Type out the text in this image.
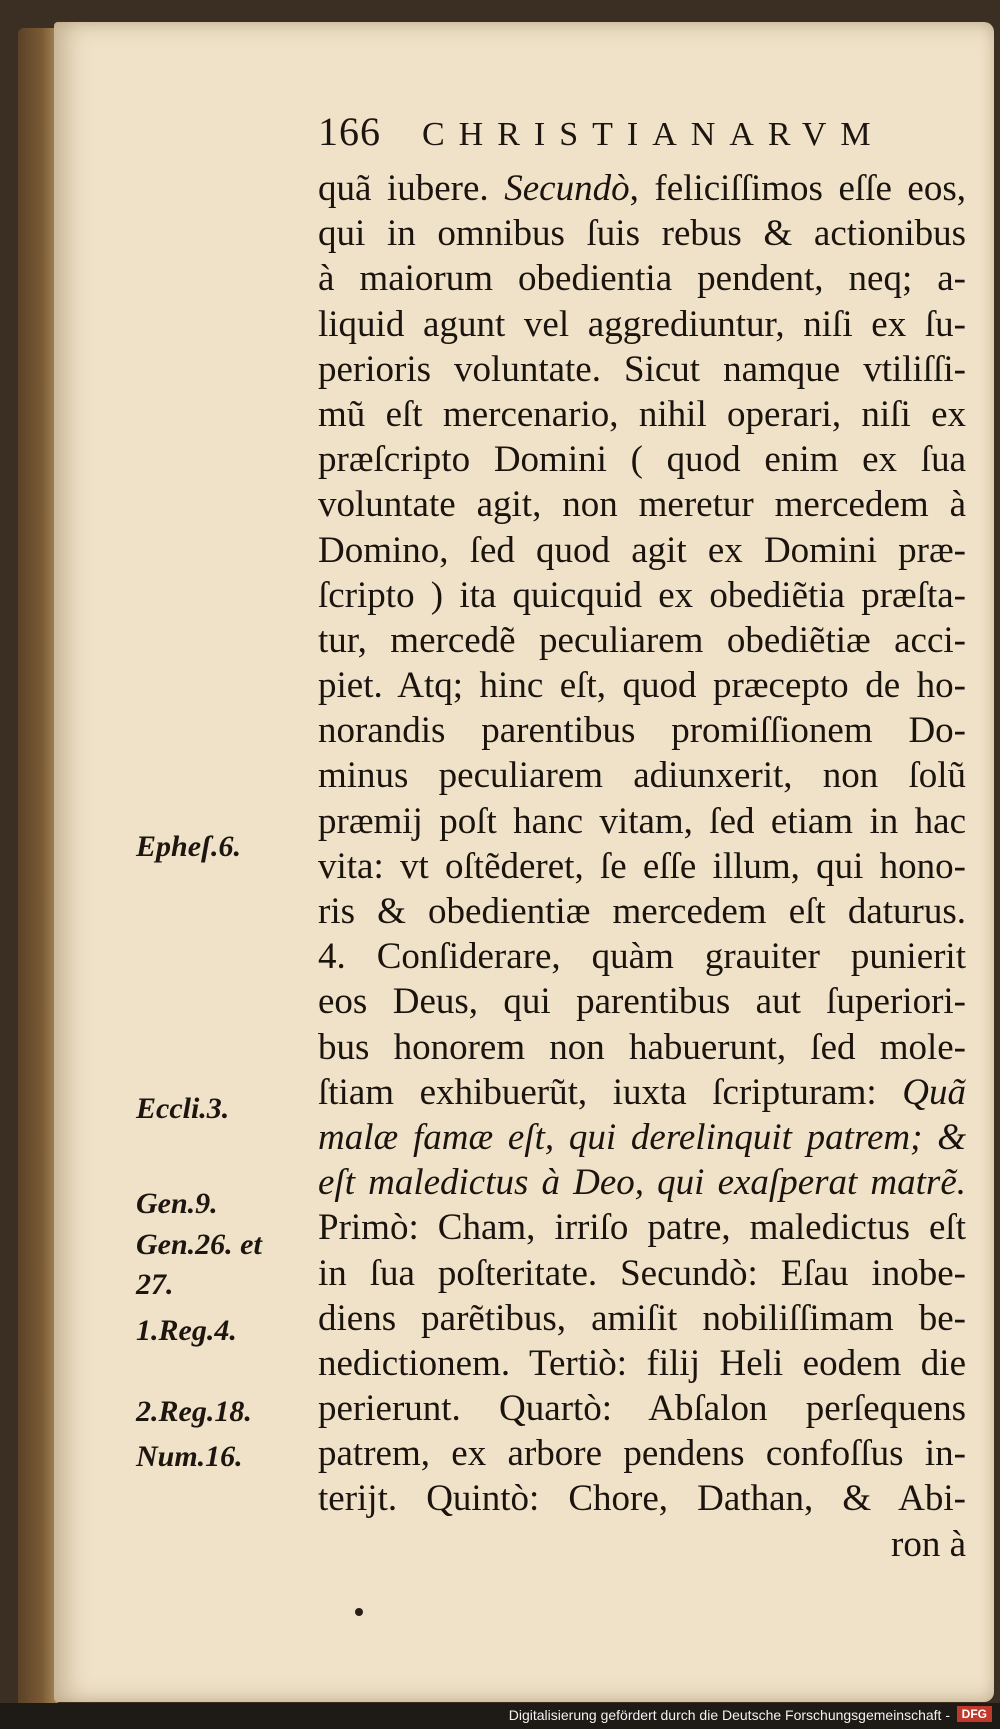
166 CHRISTIANARVM
quã iubere. Secundò, feliciſſimos eſſe eos,
qui in omnibus ſuis rebus & actionibus
à maiorum obedientia pendent, neq; a-
liquid agunt vel aggrediuntur, niſi ex ſu-
perioris voluntate. Sicut namque vtiliſſi-
mũ eſt mercenario, nihil operari, niſi ex
præſcripto Domini ( quod enim ex ſua
voluntate agit, non meretur mercedem à
Domino, ſed quod agit ex Domini præ-
ſcripto ) ita quicquid ex obediẽtia præſta-
tur, mercedẽ peculiarem obediẽtiæ acci-
piet. Atq; hinc eſt, quod præcepto de ho-
norandis parentibus promiſſionem Do-
minus peculiarem adiunxerit, non ſolũ
præmij poſt hanc vitam, ſed etiam in hac
vita: vt oſtẽderet, ſe eſſe illum, qui hono-
ris & obedientiæ mercedem eſt daturus.
4. Conſiderare, quàm grauiter punierit
eos Deus, qui parentibus aut ſuperiori-
bus honorem non habuerunt, ſed mole-
ſtiam exhibuerũt, iuxta ſcripturam: Quã
malæ famæ eſt, qui derelinquit patrem; &
eſt maledictus à Deo, qui exaſperat matrẽ.
Primò: Cham, irriſo patre, maledictus eſt
in ſua poſteritate. Secundò: Eſau inobe-
diens parẽtibus, amiſit nobiliſſimam be-
nedictionem. Tertiò: filij Heli eodem die
perierunt. Quartò: Abſalon perſequens
patrem, ex arbore pendens confoſſus in-
terijt. Quintò: Chore, Dathan, & Abi-
ron à
Epheſ.6.
Eccli.3.
Gen.9.
Gen.26. et
27.
1.Reg.4.
2.Reg.18.
Num.16.
Digitalisierung gefördert durch die Deutsche Forschungsgemeinschaft - DFG
